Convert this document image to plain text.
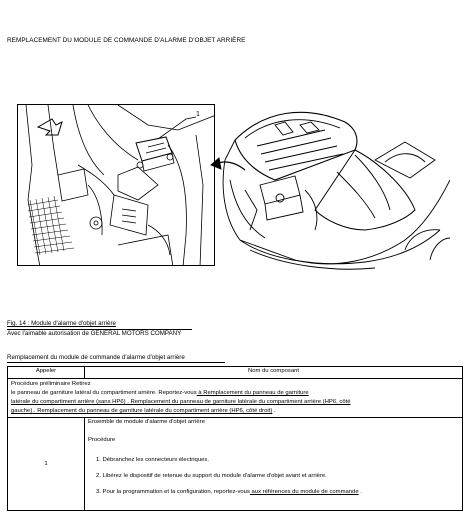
REMPLACEMENT DU MODULE DE COMMANDE D'ALARME D'OBJET ARRIÈRE
1
Fig. 14 : Module d'alarme d'objet arrière
Avec l'aimable autorisation de GENERAL MOTORS COMPANY
Remplacement du module de commande d'alarme d'objet arrière
Appeler	Nom du composant

Procédure préliminaire Retirez
le panneau de garniture latéral du compartiment arrière. Reportez-vous à Remplacement du panneau de garniture
latérale du compartiment arrière (sans HP6) . Remplacement du panneau de garniture latérale du compartiment arrière (HP6, côté
gauche) . Remplacement du panneau de garniture latérale du compartiment arrière (HP6, côté droit) .	

1	Ensemble de module d'alarme d'objet arrière
Procédure
1. Débranchez les connecteurs électriques.
2. Libérez le dispositif de retenue du support du module d'alarme d'objet avant et arrière.
3. Pour la programmation et la configuration, reportez-vous aux références du module de commande .
